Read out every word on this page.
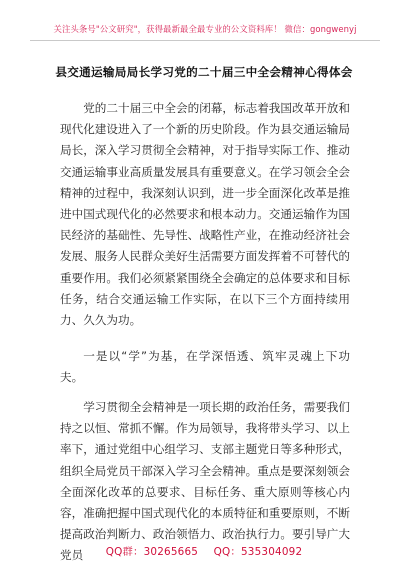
关注头条号"公文研究"，获得最新最全最专业的公文资料库！ 微信：gongwenyj
县交通运输局局长学习党的二十届三中全会精神心得体会

党的二十届三中全会的闭幕，标志着我国改革开放和现代化建设进入了一个新的历史阶段。作为县交通运输局局长，深入学习贯彻全会精神，对于指导实际工作、推动交通运输事业高质量发展具有重要意义。在学习领会全会精神的过程中，我深刻认识到，进一步全面深化改革是推进中国式现代化的必然要求和根本动力。交通运输作为国民经济的基础性、先导性、战略性产业，在推动经济社会发展、服务人民群众美好生活需要方面发挥着不可替代的重要作用。我们必须紧紧围绕全会确定的总体要求和目标任务，结合交通运输工作实际，在以下三个方面持续用力、久久为功。

一是以“学”为基，在学深悟透、筑牢灵魂上下功夫。

学习贯彻全会精神是一项长期的政治任务，需要我们持之以恒、常抓不懈。作为局领导，我将带头学习、以上率下，通过党组中心组学习、支部主题党日等多种形式，组织全局党员干部深入学习全会精神。重点是要深刻领会全面深化改革的总要求、目标任务、重大原则等核心内容，准确把握中国式现代化的本质特征和重要原则，不断提高政治判断力、政治领悟力、政治执行力。要引导广大党员	QQ群：30265665 QQ：535304092
